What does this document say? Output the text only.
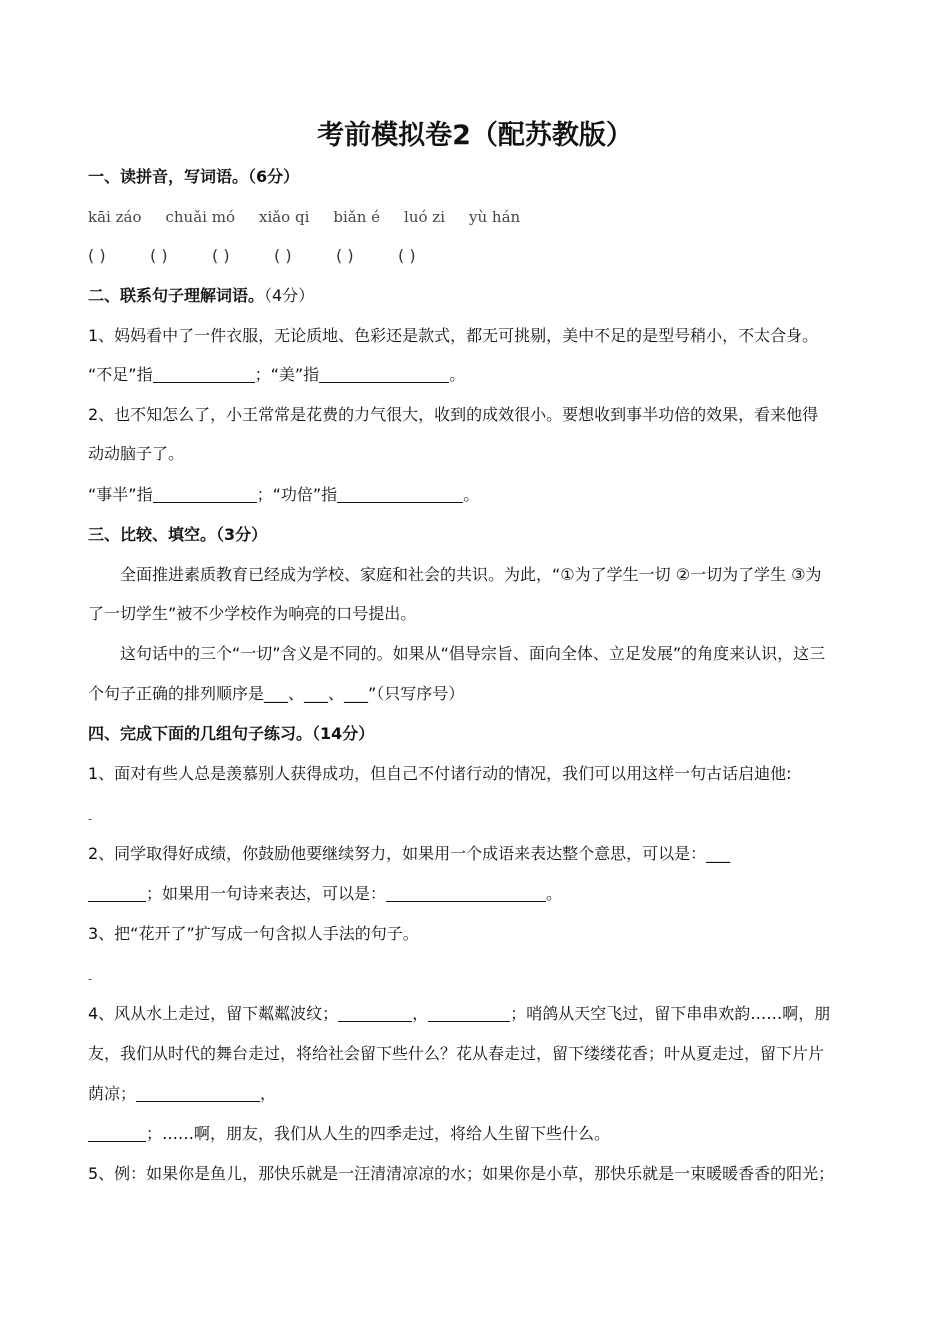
考前模拟卷2（配苏教版）
一、读拼音，写词语。（6分）
kāi záo chuǎi mó xiǎo qi biǎn é luó zi yù hán
( )	( )	( )	( )	( )	( )
二、联系句子理解词语。（4分）
1、妈妈看中了一件衣服，无论质地、色彩还是款式，都无可挑剔，美中不足的是型号稍小，不太合身。
“不足”指	；“美”指	。
2、也不知怎么了，小王常常是花费的力气很大，收到的成效很小。要想收到事半功倍的效果，看来他得
动动脑子了。
“事半”指	；“功倍”指	。
三、比较、填空。（3分）
全面推进素质教育已经成为学校、家庭和社会的共识。为此，“①为了学生一切 ②一切为了学生 ③为
了一切学生”被不少学校作为响亮的口号提出。
这句话中的三个“一切”含义是不同的。如果从“倡导宗旨、面向全体、立足发展”的角度来认识，这三
个句子正确的排列顺序是___、___、___”（只写序号）
四、完成下面的几组句子练习。（14分）
1、面对有些人总是羡慕别人获得成功，但自己不付诸行动的情况，我们可以用这样一句古话启迪他:
-
2、同学取得好成绩，你鼓励他要继续努力，如果用一个成语来表达整个意思，可以是：___
；如果用一句诗来表达，可以是：	。
3、把“花开了”扩写成一句含拟人手法的句子。
-
4、风从水上走过，留下粼粼波纹；	，	；哨鸽从天空飞过，留下串串欢韵……啊，朋
友，我们从时代的舞台走过，将给社会留下些什么？花从春走过，留下缕缕花香；叶从夏走过，留下片片
荫凉；	，
；……啊，朋友，我们从人生的四季走过，将给人生留下些什么。
5、例：如果你是鱼儿，那快乐就是一汪清清凉凉的水；如果你是小草，那快乐就是一束暖暖香香的阳光；
